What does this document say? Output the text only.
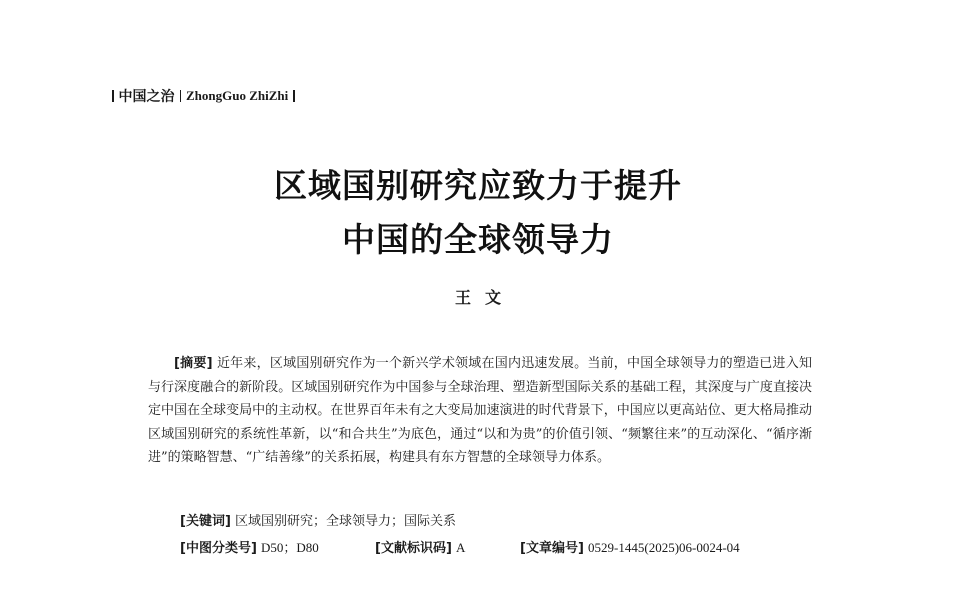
中国之治 ZhongGuo ZhiZhi
区域国别研究应致力于提升
中国的全球领导力
王文

[摘要] 近年来，区域国别研究作为一个新兴学术领域在国内迅速发展。当前，中国全球领导力的塑造已进入知与行深度融合的新阶段。区域国别研究作为中国参与全球治理、塑造新型国际关系的基础工程，其深度与广度直接决定中国在全球变局中的主动权。在世界百年未有之大变局加速演进的时代背景下，中国应以更高站位、更大格局推动区域国别研究的系统性革新，以“和合共生”为底色，通过“以和为贵”的价值引领、“频繁往来”的互动深化、“循序渐进”的策略智慧、“广结善缘”的关系拓展，构建具有东方智慧的全球领导力体系。

[关键词] 区域国别研究；全球领导力；国际关系
[中图分类号] D50；D80	[文献标识码] A	[文章编号] 0529-1445(2025)06-0024-04
